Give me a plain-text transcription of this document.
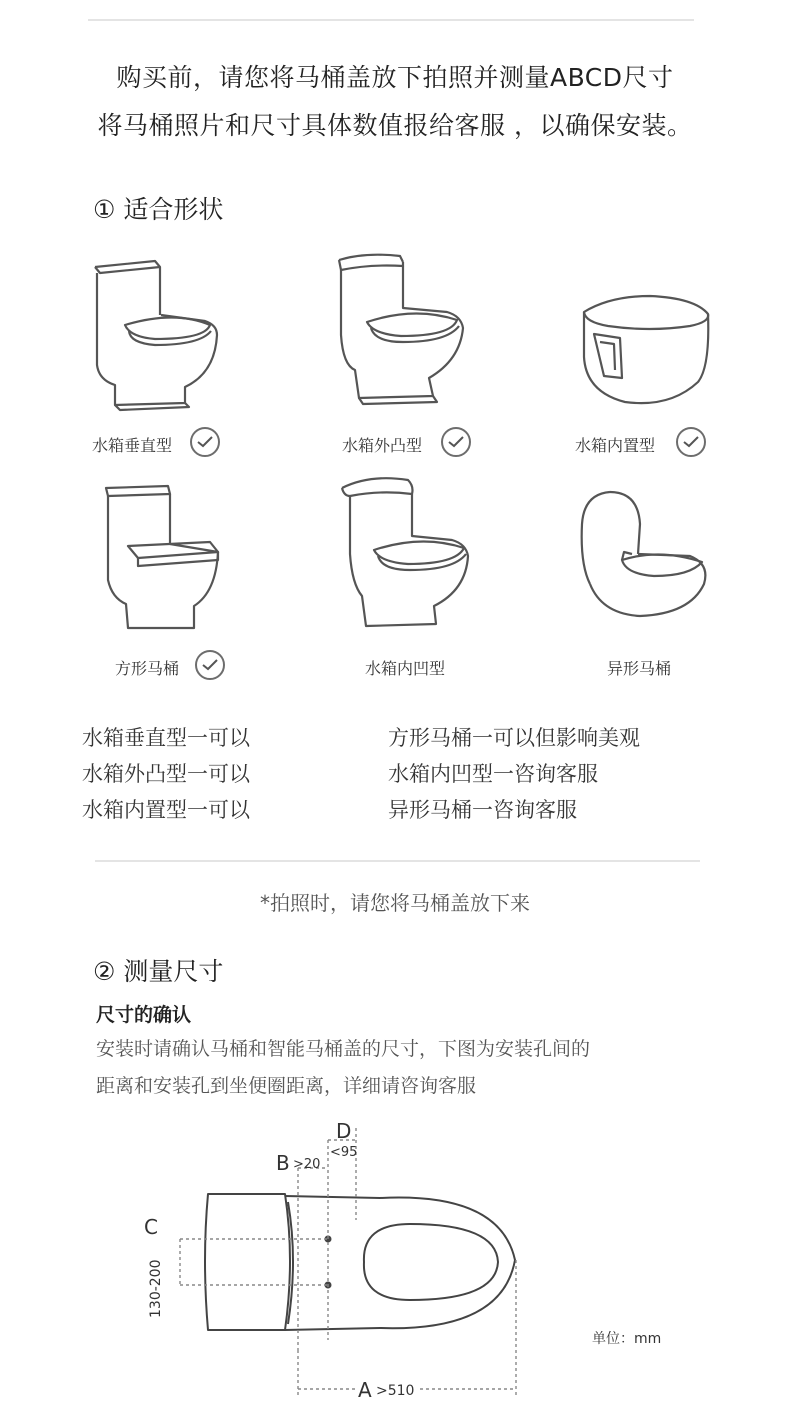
购买前，请您将马桶盖放下拍照并测量ABCD尺寸
将马桶照片和尺寸具体数值报给客服 ，以确保安装。
① 适合形状
水箱垂直型	水箱外凸型	水箱内置型
方形马桶	水箱内凹型	异形马桶
水箱垂直型一可以
水箱外凸型一可以
水箱内置型一可以
方形马桶一可以但影响美观
水箱内凹型一咨询客服
异形马桶一咨询客服
*拍照时，请您将马桶盖放下来
② 测量尺寸
尺寸的确认
安装时请确认马桶和智能马桶盖的尺寸，下图为安装孔间的
距离和安装孔到坐便圈距离，详细请咨询客服
D
<95
B >20
C
130-200
A >510
单位：mm
